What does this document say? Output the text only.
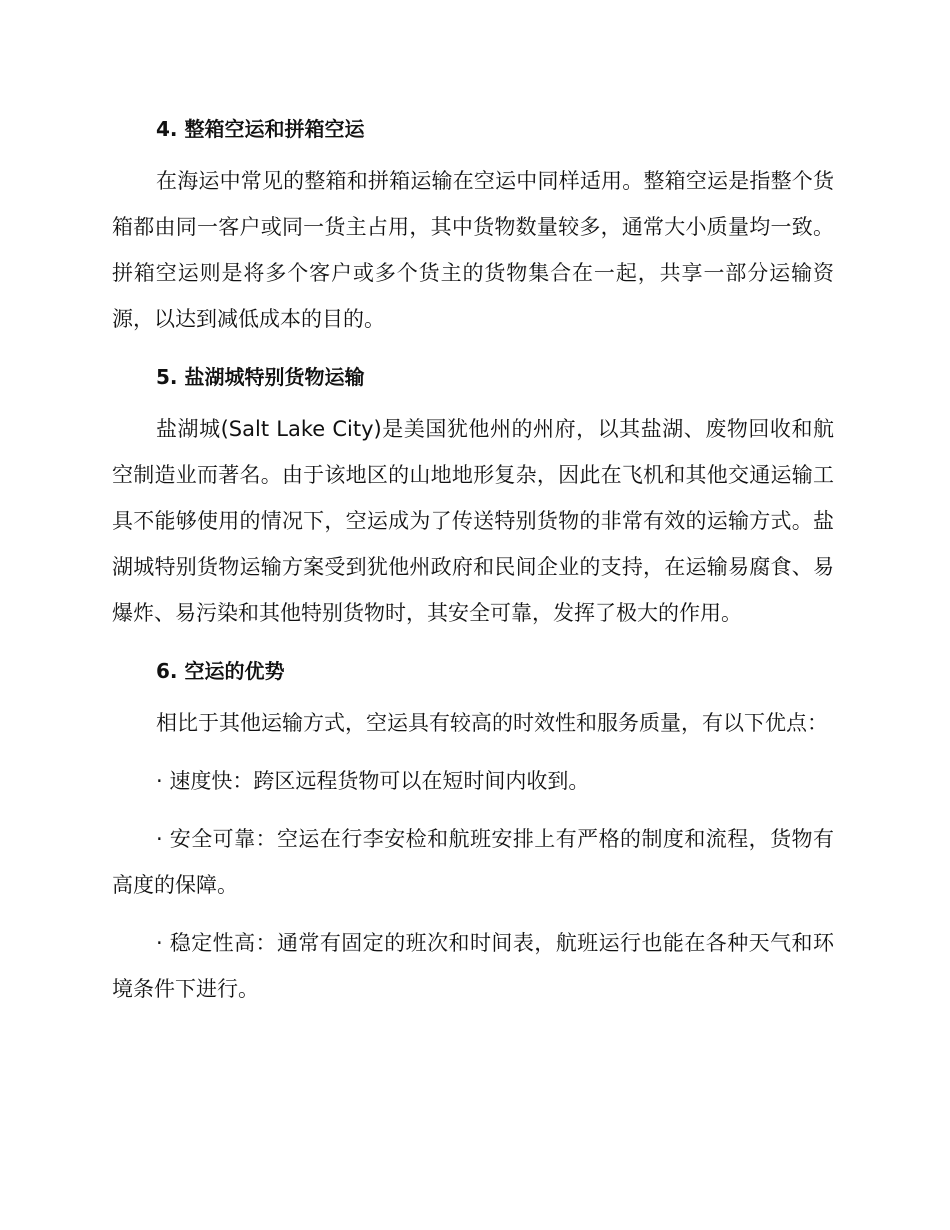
4. 整箱空运和拼箱空运

在海运中常见的整箱和拼箱运输在空运中同样适用。整箱空运是指整个货箱都由同一客户或同一货主占用，其中货物数量较多，通常大小质量均一致。拼箱空运则是将多个客户或多个货主的货物集合在一起，共享一部分运输资源，以达到减低成本的目的。

5. 盐湖城特别货物运输

盐湖城(Salt Lake City)是美国犹他州的州府，以其盐湖、废物回收和航空制造业而著名。由于该地区的山地地形复杂，因此在飞机和其他交通运输工具不能够使用的情况下，空运成为了传送特别货物的非常有效的运输方式。盐湖城特别货物运输方案受到犹他州政府和民间企业的支持，在运输易腐食、易爆炸、易污染和其他特别货物时，其安全可靠，发挥了极大的作用。

6. 空运的优势

相比于其他运输方式，空运具有较高的时效性和服务质量，有以下优点：

· 速度快：跨区远程货物可以在短时间内收到。

· 安全可靠：空运在行李安检和航班安排上有严格的制度和流程，货物有高度的保障。

· 稳定性高：通常有固定的班次和时间表，航班运行也能在各种天气和环境条件下进行。
